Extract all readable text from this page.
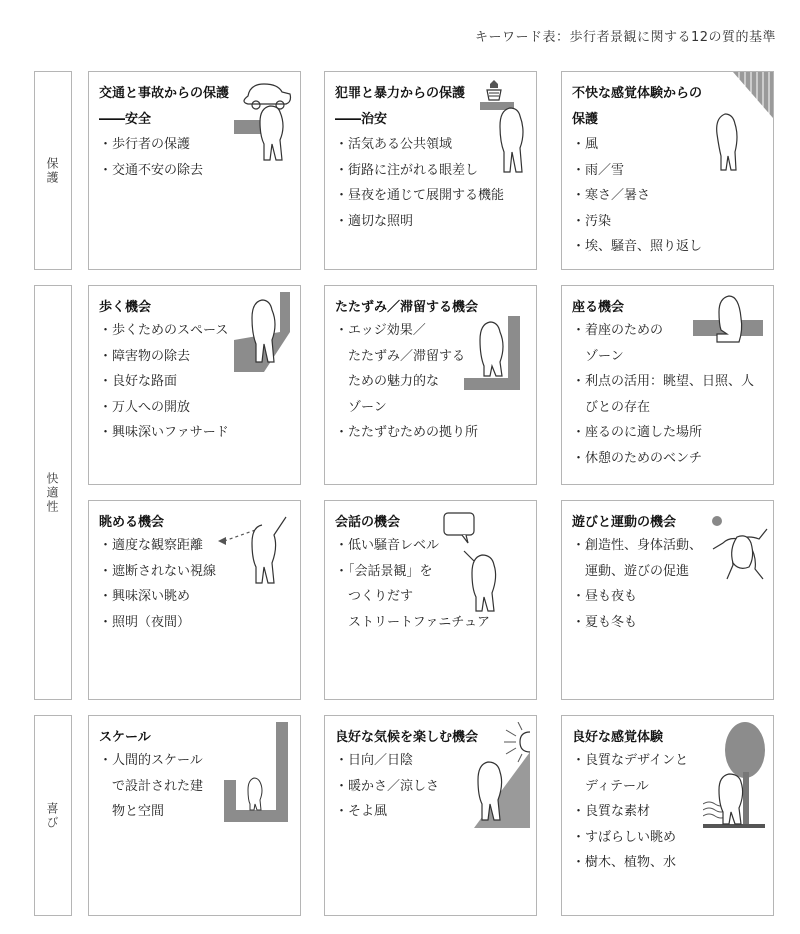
キーワード表：歩行者景観に関する12の質的基準
保護
快適性
喜び
交通と事故からの保護
――安全
・歩行者の保護
・交通不安の除去
犯罪と暴力からの保護
――治安
・活気ある公共領域
・街路に注がれる眼差し
・昼夜を通じて展開する機能
・適切な照明
不快な感覚体験からの
保護
・風
・雨／雪
・寒さ／暑さ
・汚染
・埃、騒音、照り返し
歩く機会
・歩くためのスペース
・障害物の除去
・良好な路面
・万人への開放
・興味深いファサード
たたずみ／滞留する機会
・エッジ効果／
　たたずみ／滞留する
　ための魅力的な
　ゾーン
・たたずむための拠り所
座る機会
・着座のための
　ゾーン
・利点の活用：眺望、日照、人
　びとの存在
・座るのに適した場所
・休憩のためのベンチ
眺める機会
・適度な観察距離
・遮断されない視線
・興味深い眺め
・照明（夜間）
会話の機会
・低い騒音レベル
・「会話景観」を
　つくりだす
　ストリートファニチュア
遊びと運動の機会
・創造性、身体活動、
　運動、遊びの促進
・昼も夜も
・夏も冬も
スケール
・人間的スケール
　で設計された建
　物と空間
良好な気候を楽しむ機会
・日向／日陰
・暖かさ／涼しさ
・そよ風
良好な感覚体験
・良質なデザインと
　ディテール
・良質な素材
・すばらしい眺め
・樹木、植物、水
